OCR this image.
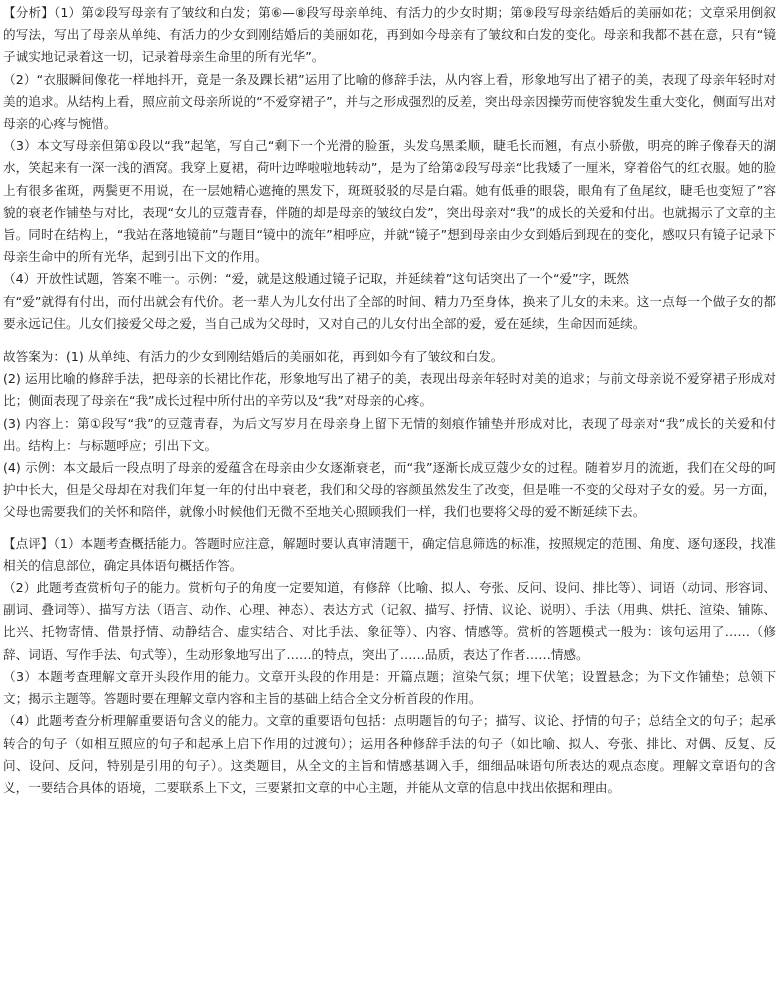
【分析】（1）第②段写母亲有了皱纹和白发；第⑥—⑧段写母亲单纯、有活力的少女时期；第⑨段写母亲结婚后的美丽如花；文章采用倒叙的写法，写出了母亲从单纯、有活力的少女到刚结婚后的美丽如花，再到如今母亲有了皱纹和白发的变化。母亲和我都不甚在意，只有“镜子诚实地记录着这一切，记录着母亲生命里的所有光华”。

（2）“衣服瞬间像花一样地抖开，竟是一条及踝长裙”运用了比喻的修辞手法，从内容上看，形象地写出了裙子的美，表现了母亲年轻时对美的追求。从结构上看，照应前文母亲所说的“不爱穿裙子”，并与之形成强烈的反差，突出母亲因操劳而使容貌发生重大变化，侧面写出对母亲的心疼与惋惜。

（3）本文写母亲但第①段以“我”起笔，写自己“剩下一个光滑的脸蛋，头发乌黑柔顺，睫毛长而翘，有点小骄傲，明亮的眸子像春天的湖水，笑起来有一深一浅的酒窝。我穿上夏裙，荷叶边哗啦啦地转动”，是为了给第②段写母亲“比我矮了一厘米，穿着俗气的红衣服。她的脸上有很多雀斑，两鬓更不用说，在一层她精心遮掩的黑发下，斑斑驳驳的尽是白霜。她有低垂的眼袋，眼角有了鱼尾纹，睫毛也变短了”容貌的衰老作铺垫与对比，表现“女儿的豆蔻青春，伴随的却是母亲的皱纹白发”，突出母亲对“我”的成长的关爱和付出。也就揭示了文章的主旨。同时在结构上，“我站在落地镜前”与题目“镜中的流年”相呼应，并就“镜子”想到母亲由少女到婚后到现在的变化，感叹只有镜子记录下母亲生命中的所有光华，起到引出下文的作用。

（4）开放性试题，答案不唯一。示例：“爱，就是这般通过镜子记取，并延续着”这句话突出了一个“爱”字，既然

有“爱”就得有付出，而付出就会有代价。老一辈人为儿女付出了全部的时间、精力乃至身体，换来了儿女的未来。这一点每一个做子女的都要永远记住。儿女们接爱父母之爱，当自己成为父母时，又对自己的儿女付出全部的爱，爱在延续，生命因而延续。

故答案为：(1) 从单纯、有活力的少女到刚结婚后的美丽如花，再到如今有了皱纹和白发。

(2) 运用比喻的修辞手法，把母亲的长裙比作花，形象地写出了裙子的美，表现出母亲年轻时对美的追求；与前文母亲说不爱穿裙子形成对比；侧面表现了母亲在“我”成长过程中所付出的辛劳以及“我”对母亲的心疼。

(3) 内容上：第①段写“我”的豆蔻青春，为后文写岁月在母亲身上留下无情的刻痕作铺垫并形成对比，表现了母亲对“我”成长的关爱和付出。结构上：与标题呼应；引出下文。

(4) 示例：本文最后一段点明了母亲的爱蕴含在母亲由少女逐渐衰老，而“我”逐渐长成豆蔻少女的过程。随着岁月的流逝，我们在父母的呵护中长大，但是父母却在对我们年复一年的付出中衰老，我们和父母的容颜虽然发生了改变，但是唯一不变的父母对子女的爱。另一方面，父母也需要我们的关怀和陪伴，就像小时候他们无微不至地关心照顾我们一样，我们也要将父母的爱不断延续下去。

【点评】（1）本题考查概括能力。答题时应注意，解题时要认真审清题干，确定信息筛选的标准，按照规定的范围、角度、逐句逐段，找准相关的信息部位，确定具体语句概括作答。

（2）此题考查赏析句子的能力。赏析句子的角度一定要知道，有修辞（比喻、拟人、夸张、反问、设问、排比等）、词语（动词、形容词、副词、叠词等）、描写方法（语言、动作、心理、神态）、表达方式（记叙、描写、抒情、议论、说明）、手法（用典、烘托、渲染、铺陈、比兴、托物寄情、借景抒情、动静结合、虚实结合、对比手法、象征等）、内容、情感等。赏析的答题模式一般为：该句运用了……（修辞、词语、写作手法、句式等），生动形象地写出了……的特点，突出了……品质，表达了作者……情感。

（3）本题考查理解文章开头段作用的能力。文章开头段的作用是：开篇点题；渲染气氛；埋下伏笔；设置悬念；为下文作铺垫；总领下文；揭示主题等。答题时要在理解文章内容和主旨的基础上结合全文分析首段的作用。

（4）此题考查分析理解重要语句含义的能力。文章的重要语句包括：点明题旨的句子；描写、议论、抒情的句子；总结全文的句子；起承转合的句子（如相互照应的句子和起承上启下作用的过渡句）；运用各种修辞手法的句子（如比喻、拟人、夸张、排比、对偶、反复、反问、设问、反问，特别是引用的句子）。这类题目，从全文的主旨和情感基调入手，细细品味语句所表达的观点态度。理解文章语句的含义，一要结合具体的语境，二要联系上下文，三要紧扣文章的中心主题，并能从文章的信息中找出依据和理由。
